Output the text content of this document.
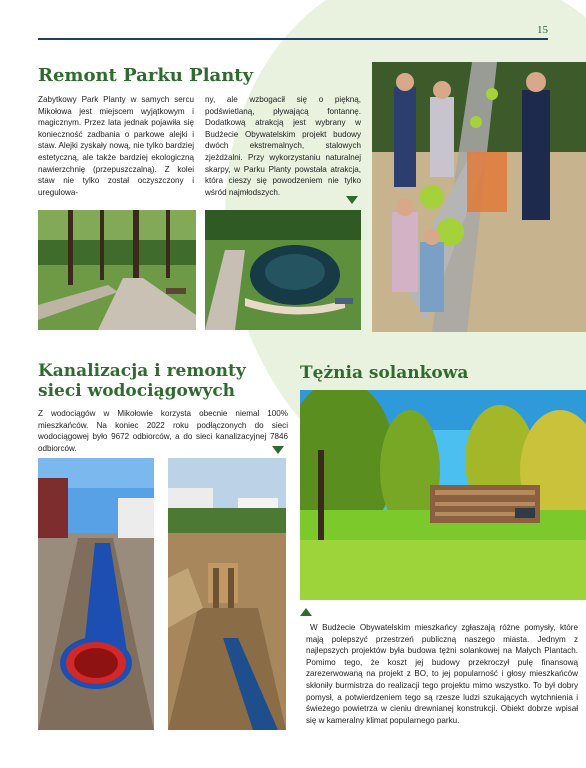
15
Remont Parku Planty
Zabytkowy Park Planty w samych sercu Mikołowa jest miejscem wyjątkowym i magicznym. Przez lata jednak pojawiła się konieczność zadbania o parkowe alejki i staw. Alejki zyskały nową, nie tylko bardziej estetyczną, ale także bardziej ekologiczną nawierzchnię (przepuszczalną). Z kolei staw nie tylko został oczyszczony i uregulowa-
ny, ale wzbogacił się o piękną, podświetlaną, pływającą fontannę. Dodatkową atrakcją jest wybrany w Budżecie Obywatelskim projekt budowy dwóch ekstremalnych, stalowych zjeżdżalni. Przy wykorzystaniu naturalnej skarpy, w Parku Planty powstała atrakcja, która cieszy się powodzeniem nie tylko wśród najmłodszych.
Kanalizacja i remonty sieci wodociągowych
Z wodociągów w Mikołowie korzysta obecnie niemal 100% mieszkańców. Na koniec 2022 roku podłączonych do sieci wodociągowej było 9672 odbiorców, a do sieci kanalizacyjnej 7846 odbiorców.
Tężnia solankowa
W Budżecie Obywatelskim mieszkańcy zgłaszają różne pomysły, które mają polepszyć przestrzeń publiczną naszego miasta. Jednym z najlepszych projektów była budowa tężni solankowej na Małych Plantach. Pomimo tego, że koszt jej budowy przekroczył pulę finansową zarezerwowaną na projekt z BO, to jej popularność i głosy mieszkańców skłoniły burmistrza do realizacji tego projektu mimo wszystko. To był dobry pomysł, a potwierdzeniem tego są rzesze ludzi szukających wytchnienia i świeżego powietrza w cieniu drewnianej konstrukcji. Obiekt dobrze wpisał się w kameralny klimat popularnego parku.
